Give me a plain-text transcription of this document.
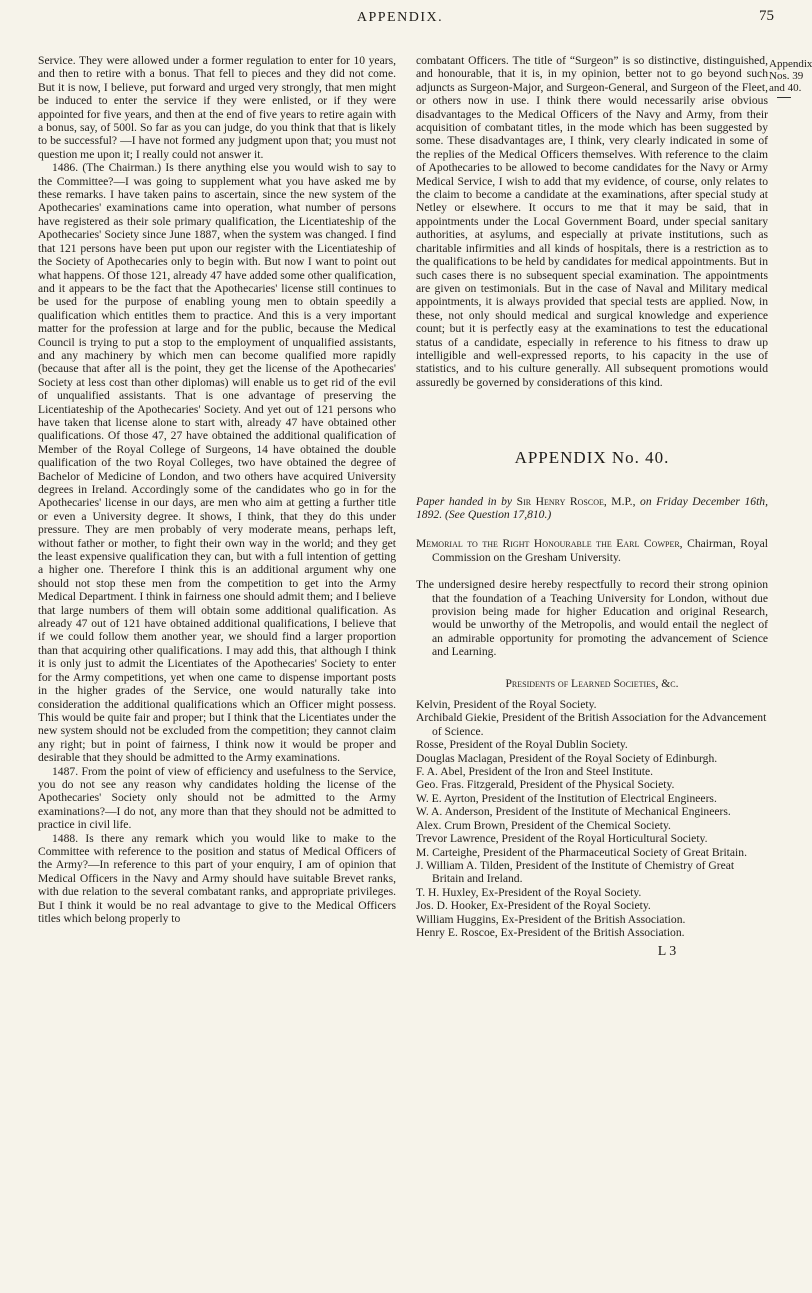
APPENDIX.	75
Appendix
Nos. 39 and 40.

Service. They were allowed under a former regulation to enter for 10 years, and then to retire with a bonus. That fell to pieces and they did not come. But it is now, I believe, put forward and urged very strongly, that men might be induced to enter the service if they were enlisted, or if they were appointed for five years, and then at the end of five years to retire again with a bonus, say, of 500l. So far as you can judge, do you think that that is likely to be successful? —I have not formed any judgment upon that; you must not question me upon it; I really could not answer it.

1486. (The Chairman.) Is there anything else you would wish to say to the Committee?—I was going to supplement what you have asked me by these remarks. I have taken pains to ascertain, since the new system of the Apothecaries' examinations came into operation, what number of persons have registered as their sole primary qualification, the Licentiateship of the Apothecaries' Society since June 1887, when the system was changed. I find that 121 persons have been put upon our register with the Licentiateship of the Society of Apothecaries only to begin with. But now I want to point out what happens. Of those 121, already 47 have added some other qualification, and it appears to be the fact that the Apothecaries' license still continues to be used for the purpose of enabling young men to obtain speedily a qualification which entitles them to practice. And this is a very important matter for the profession at large and for the public, because the Medical Council is trying to put a stop to the employment of unqualified assistants, and any machinery by which men can become qualified more rapidly (because that after all is the point, they get the license of the Apothecaries' Society at less cost than other diplomas) will enable us to get rid of the evil of unqualified assistants. That is one advantage of preserving the Licentiateship of the Apothecaries' Society. And yet out of 121 persons who have taken that license alone to start with, already 47 have obtained other qualifications. Of those 47, 27 have obtained the additional qualification of Member of the Royal College of Surgeons, 14 have obtained the double qualification of the two Royal Colleges, two have obtained the degree of Bachelor of Medicine of London, and two others have acquired University degrees in Ireland. Accordingly some of the candidates who go in for the Apothecaries' license in our days, are men who aim at getting a further title or even a University degree. It shows, I think, that they do this under pressure. They are men probably of very moderate means, perhaps left, without father or mother, to fight their own way in the world; and they get the least expensive qualification they can, but with a full intention of getting a higher one. Therefore I think this is an additional argument why one should not stop these men from the competition to get into the Army Medical Department. I think in fairness one should admit them; and I believe that large numbers of them will obtain some additional qualification. As already 47 out of 121 have obtained additional qualifications, I believe that if we could follow them another year, we should find a larger proportion than that acquiring other qualifications. I may add this, that although I think it is only just to admit the Licentiates of the Apothecaries' Society to enter for the Army competitions, yet when one came to dispense important posts in the higher grades of the Service, one would naturally take into consideration the additional qualifications which an Officer might possess. This would be quite fair and proper; but I think that the Licentiates under the new system should not be excluded from the competition; they cannot claim any right; but in point of fairness, I think now it would be proper and desirable that they should be admitted to the Army examinations.

1487. From the point of view of efficiency and usefulness to the Service, you do not see any reason why candidates holding the license of the Apothecaries' Society only should not be admitted to the Army examinations?—I do not, any more than that they should not be admitted to practice in civil life.

1488. Is there any remark which you would like to make to the Committee with reference to the position and status of Medical Officers of the Army?—In reference to this part of your enquiry, I am of opinion that Medical Officers in the Navy and Army should have suitable Brevet ranks, with due relation to the several combatant ranks, and appropriate privileges. But I think it would be no real advantage to give to the Medical Officers titles which belong properly to

combatant Officers. The title of “Surgeon” is so distinctive, distinguished, and honourable, that it is, in my opinion, better not to go beyond such adjuncts as Surgeon-Major, and Surgeon-General, and Surgeon of the Fleet, or others now in use. I think there would necessarily arise obvious disadvantages to the Medical Officers of the Navy and Army, from their acquisition of combatant titles, in the mode which has been suggested by some. These disadvantages are, I think, very clearly indicated in some of the replies of the Medical Officers themselves. With reference to the claim of Apothecaries to be allowed to become candidates for the Navy or Army Medical Service, I wish to add that my evidence, of course, only relates to the claim to become a candidate at the examinations, after special study at Netley or elsewhere. It occurs to me that it may be said, that in appointments under the Local Government Board, under special sanitary authorities, at asylums, and especially at private institutions, such as charitable infirmities and all kinds of hospitals, there is a restriction as to the qualifications to be held by candidates for medical appointments. But in such cases there is no subsequent special examination. The appointments are given on testimonials. But in the case of Naval and Military medical appointments, it is always provided that special tests are applied. Now, in these, not only should medical and surgical knowledge and experience count; but it is perfectly easy at the examinations to test the educational status of a candidate, especially in reference to his fitness to draw up intelligible and well-expressed reports, to his capacity in the use of statistics, and to his culture generally. All subsequent promotions would assuredly be governed by considerations of this kind.

APPENDIX No. 40.

Paper handed in by Sir Henry Roscoe, M.P., on Friday December 16th, 1892. (See Question 17,810.)

Memorial to the Right Honourable the Earl Cowper, Chairman, Royal Commission on the Gresham University.

The undersigned desire hereby respectfully to record their strong opinion that the foundation of a Teaching University for London, without due provision being made for higher Education and original Research, would be unworthy of the Metropolis, and would entail the neglect of an admirable opportunity for promoting the advancement of Science and Learning.

Presidents of Learned Societies, &c.

Kelvin, President of the Royal Society.

Archibald Giekie, President of the British Association for the Advancement of Science.

Rosse, President of the Royal Dublin Society.

Douglas Maclagan, President of the Royal Society of Edinburgh.

F. A. Abel, President of the Iron and Steel Institute.

Geo. Fras. Fitzgerald, President of the Physical Society.

W. E. Ayrton, President of the Institution of Electrical Engineers.

W. A. Anderson, President of the Institute of Mechanical Engineers.

Alex. Crum Brown, President of the Chemical Society.

Trevor Lawrence, President of the Royal Horticultural Society.

M. Carteighe, President of the Pharmaceutical Society of Great Britain.

J. William A. Tilden, President of the Institute of Chemistry of Great Britain and Ireland.

T. H. Huxley, Ex-President of the Royal Society.

Jos. D. Hooker, Ex-President of the Royal Society.

William Huggins, Ex-President of the British Association.

Henry E. Roscoe, Ex-President of the British Association.

L 3
